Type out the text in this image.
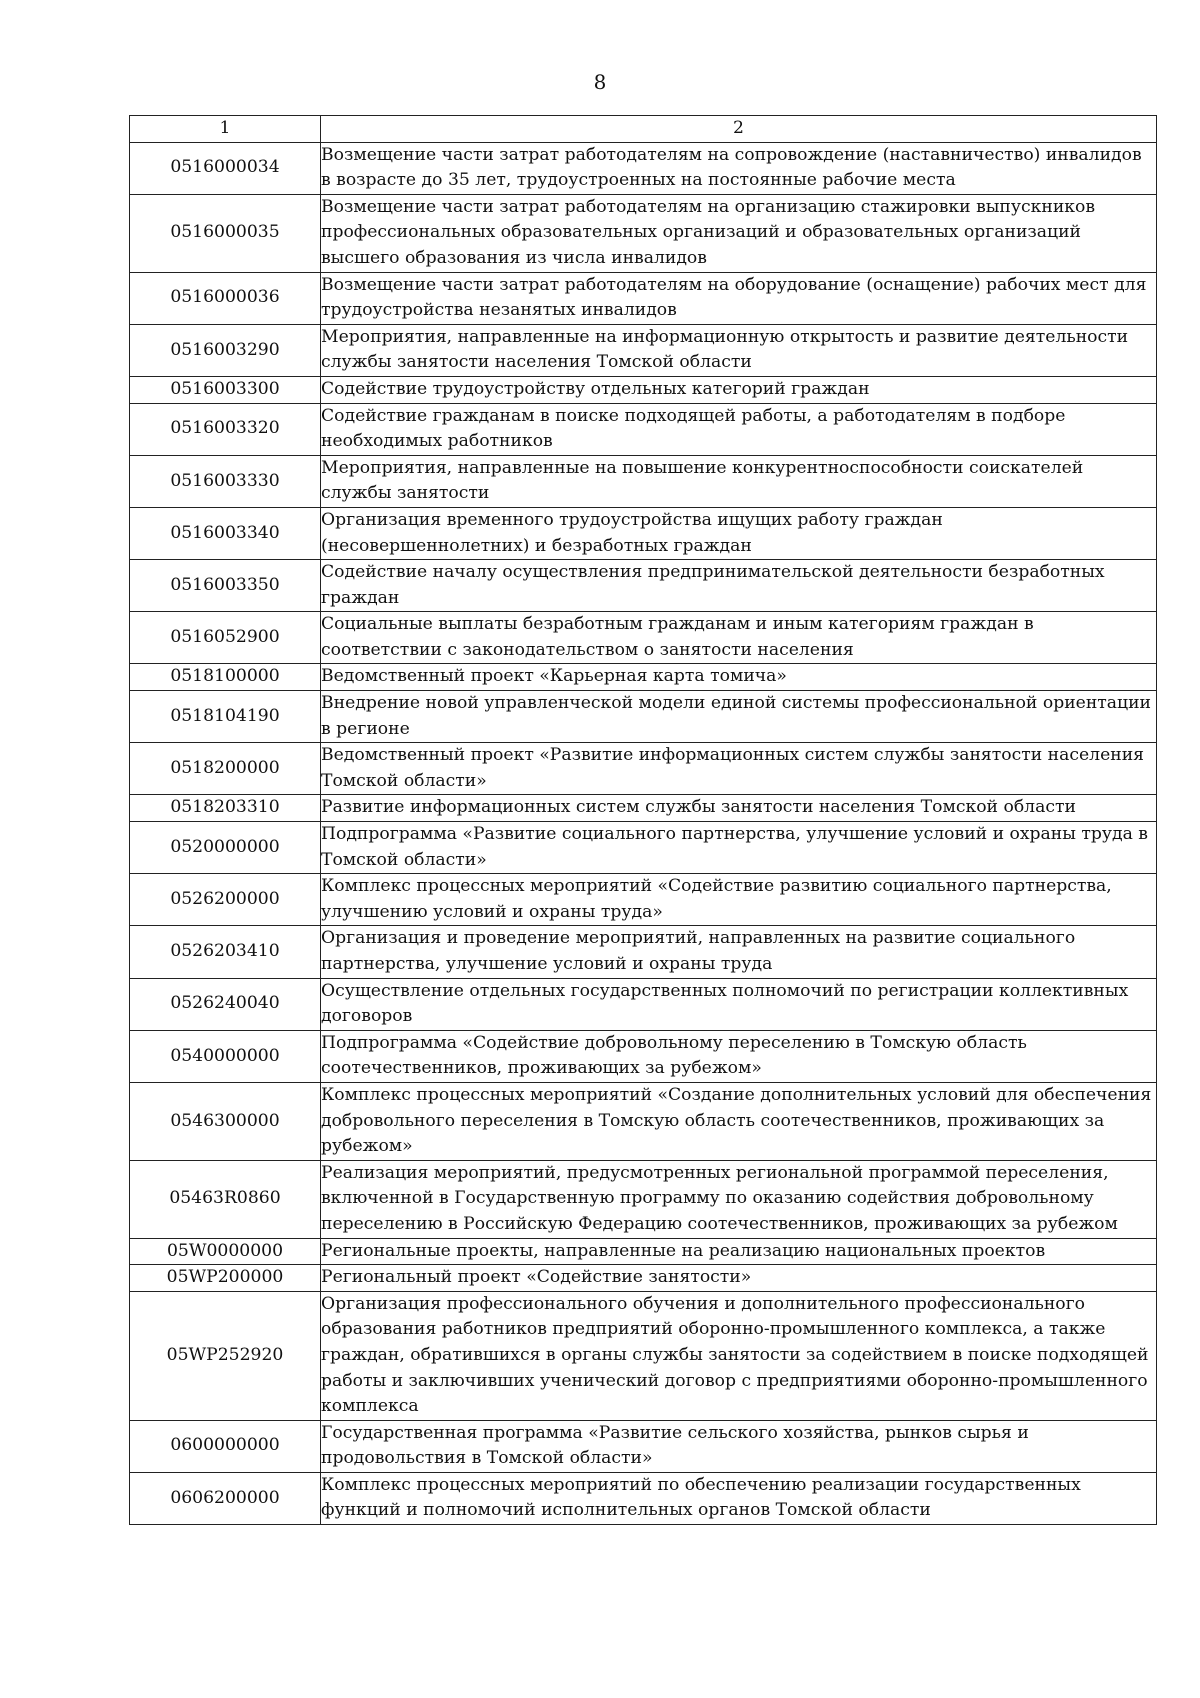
8
1	2
0516000034	Возмещение части затрат работодателям на сопровождение (наставничество) инвалидов в возрасте до 35 лет, трудоустроенных на постоянные рабочие места
0516000035	Возмещение части затрат работодателям на организацию стажировки выпускников профессиональных образовательных организаций и образовательных организаций высшего образования из числа инвалидов
0516000036	Возмещение части затрат работодателям на оборудование (оснащение) рабочих мест для трудоустройства незанятых инвалидов
0516003290	Мероприятия, направленные на информационную открытость и развитие деятельности службы занятости населения Томской области
0516003300	Содействие трудоустройству отдельных категорий граждан
0516003320	Содействие гражданам в поиске подходящей работы, а работодателям в подборе необходимых работников
0516003330	Мероприятия, направленные на повышение конкурентноспособности соискателей службы занятости
0516003340	Организация временного трудоустройства ищущих работу граждан (несовершеннолетних) и безработных граждан
0516003350	Содействие началу осуществления предпринимательской деятельности безработных граждан
0516052900	Социальные выплаты безработным гражданам и иным категориям граждан в соответствии с законодательством о занятости населения
0518100000	Ведомственный проект «Карьерная карта томича»
0518104190	Внедрение новой управленческой модели единой системы профессиональной ориентации в регионе
0518200000	Ведомственный проект «Развитие информационных систем службы занятости населения Томской области»
0518203310	Развитие информационных систем службы занятости населения Томской области
0520000000	Подпрограмма «Развитие социального партнерства, улучшение условий и охраны труда в Томской области»
0526200000	Комплекс процессных мероприятий «Содействие развитию социального партнерства, улучшению условий и охраны труда»
0526203410	Организация и проведение мероприятий, направленных на развитие социального партнерства, улучшение условий и охраны труда
0526240040	Осуществление отдельных государственных полномочий по регистрации коллективных договоров
0540000000	Подпрограмма «Содействие добровольному переселению в Томскую область соотечественников, проживающих за рубежом»
0546300000	Комплекс процессных мероприятий «Создание дополнительных условий для обеспечения добровольного переселения в Томскую область соотечественников, проживающих за рубежом»
05463R0860	Реализация мероприятий, предусмотренных региональной программой переселения, включенной в Государственную программу по оказанию содействия добровольному переселению в Российскую Федерацию соотечественников, проживающих за рубежом
05W0000000	Региональные проекты, направленные на реализацию национальных проектов
05WP200000	Региональный проект «Содействие занятости»
05WP252920	Организация профессионального обучения и дополнительного профессионального образования работников предприятий оборонно-промышленного комплекса, а также граждан, обратившихся в органы службы занятости за содействием в поиске подходящей работы и заключивших ученический договор с предприятиями оборонно-промышленного комплекса
0600000000	Государственная программа «Развитие сельского хозяйства, рынков сырья и продовольствия в Томской области»
0606200000	Комплекс процессных мероприятий по обеспечению реализации государственных функций и полномочий исполнительных органов Томской области
